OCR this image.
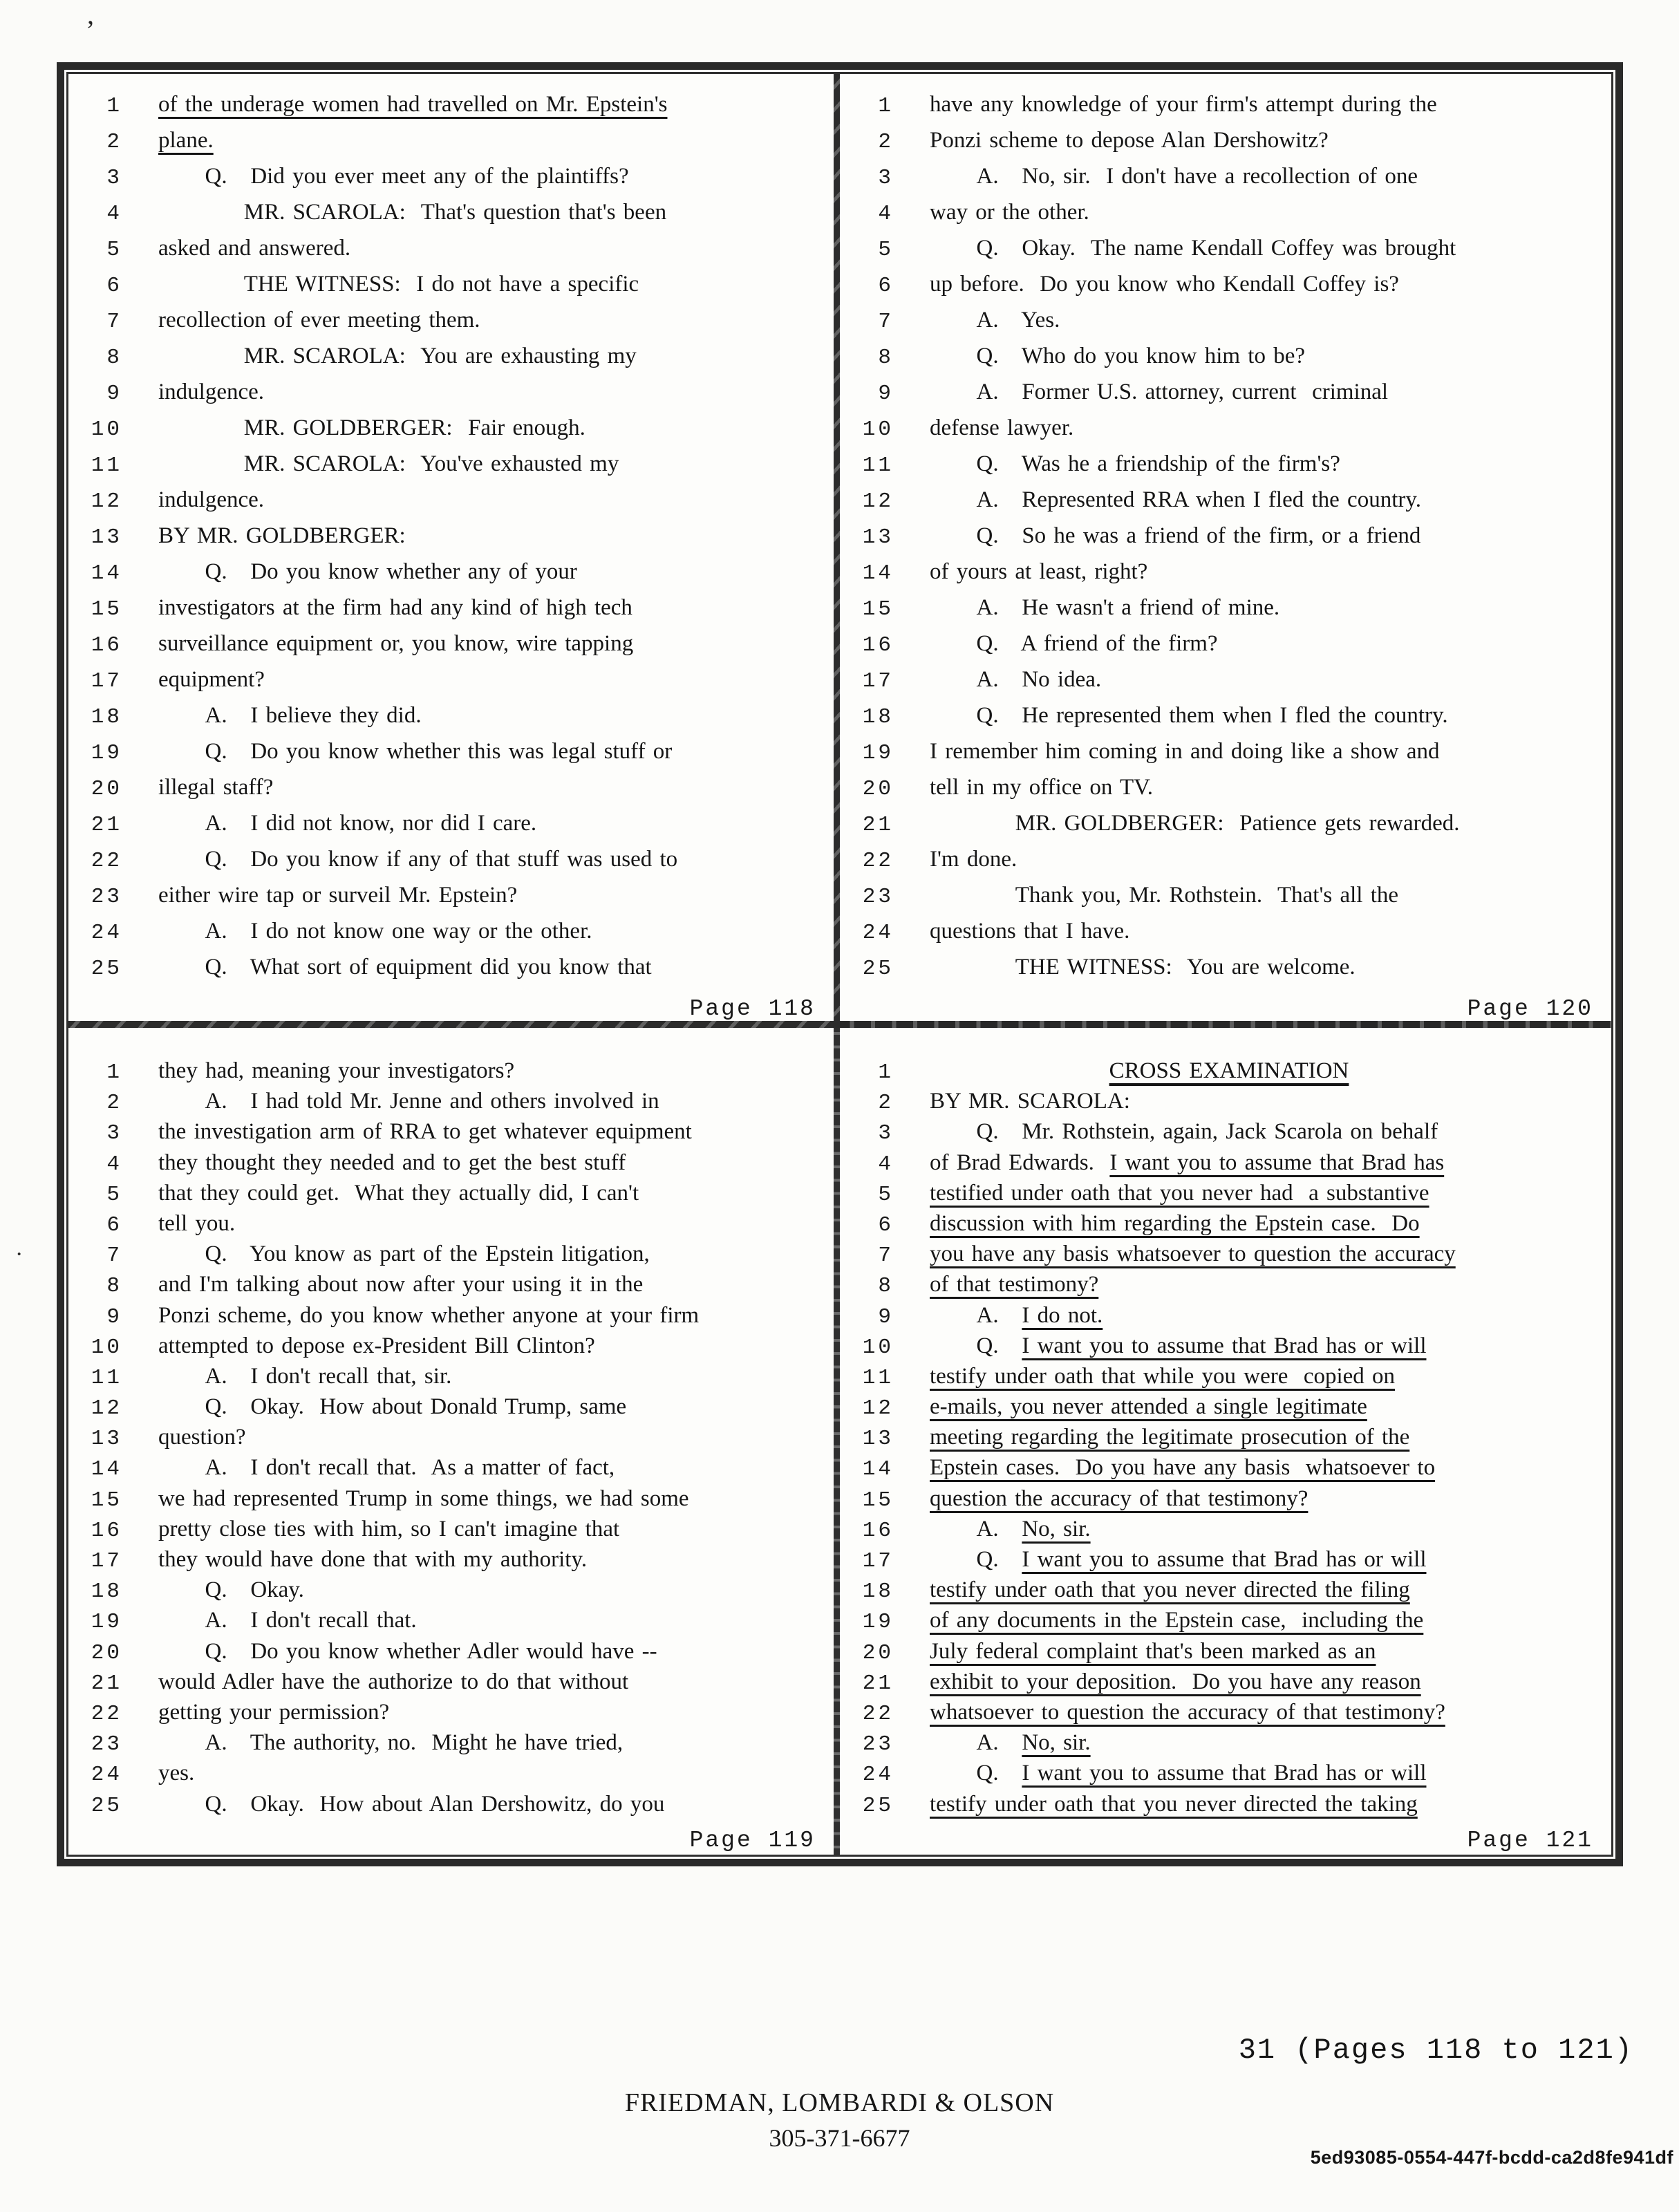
’
·
1	of the underage women had travelled on Mr. Epstein's
2	plane.
3	Q.   Did you ever meet any of the plaintiffs?
4	MR. SCAROLA:  That's question that's been
5	asked and answered.
6	THE WITNESS:  I do not have a specific
7	recollection of ever meeting them.
8	MR. SCAROLA:  You are exhausting my
9	indulgence.
10	MR. GOLDBERGER:  Fair enough.
11	MR. SCAROLA:  You've exhausted my
12	indulgence.
13	BY MR. GOLDBERGER:
14	Q.   Do you know whether any of your
15	investigators at the firm had any kind of high tech
16	surveillance equipment or, you know, wire tapping
17	equipment?
18	A.   I believe they did.
19	Q.   Do you know whether this was legal stuff or
20	illegal staff?
21	A.   I did not know, nor did I care.
22	Q.   Do you know if any of that stuff was used to
23	either wire tap or surveil Mr. Epstein?
24	A.   I do not know one way or the other.
25	Q.   What sort of equipment did you know that
Page 118
1	have any knowledge of your firm's attempt during the
2	Ponzi scheme to depose Alan Dershowitz?
3	A.   No, sir.  I don't have a recollection of one
4	way or the other.
5	Q.   Okay.  The name Kendall Coffey was brought
6	up before.  Do you know who Kendall Coffey is?
7	A.   Yes.
8	Q.   Who do you know him to be?
9	A.   Former U.S. attorney, current  criminal
10	defense lawyer.
11	Q.   Was he a friendship of the firm's?
12	A.   Represented RRA when I fled the country.
13	Q.   So he was a friend of the firm, or a friend
14	of yours at least, right?
15	A.   He wasn't a friend of mine.
16	Q.   A friend of the firm?
17	A.   No idea.
18	Q.   He represented them when I fled the country.
19	I remember him coming in and doing like a show and
20	tell in my office on TV.
21	MR. GOLDBERGER:  Patience gets rewarded.
22	I'm done.
23	Thank you, Mr. Rothstein.  That's all the
24	questions that I have.
25	THE WITNESS:  You are welcome.
Page 120
1	they had, meaning your investigators?
2	A.   I had told Mr. Jenne and others involved in
3	the investigation arm of RRA to get whatever equipment
4	they thought they needed and to get the best stuff
5	that they could get.  What they actually did, I can't
6	tell you.
7	Q.   You know as part of the Epstein litigation,
8	and I'm talking about now after your using it in the
9	Ponzi scheme, do you know whether anyone at your firm
10	attempted to depose ex-President Bill Clinton?
11	A.   I don't recall that, sir.
12	Q.   Okay.  How about Donald Trump, same
13	question?
14	A.   I don't recall that.  As a matter of fact,
15	we had represented Trump in some things, we had some
16	pretty close ties with him, so I can't imagine that
17	they would have done that with my authority.
18	Q.   Okay.
19	A.   I don't recall that.
20	Q.   Do you know whether Adler would have --
21	would Adler have the authorize to do that without
22	getting your permission?
23	A.   The authority, no.  Might he have tried,
24	yes.
25	Q.   Okay.  How about Alan Dershowitz, do you
Page 119
1	CROSS EXAMINATION
2	BY MR. SCAROLA:
3	Q.   Mr. Rothstein, again, Jack Scarola on behalf
4	of Brad Edwards.  I want you to assume that Brad has
5	testified under oath that you never had  a substantive
6	discussion with him regarding the Epstein case.  Do
7	you have any basis whatsoever to question the accuracy
8	of that testimony?
9	A.   I do not.
10	Q.   I want you to assume that Brad has or will
11	testify under oath that while you were  copied on
12	e-mails, you never attended a single legitimate
13	meeting regarding the legitimate prosecution of the
14	Epstein cases.  Do you have any basis  whatsoever to
15	question the accuracy of that testimony?
16	A.   No, sir.
17	Q.   I want you to assume that Brad has or will
18	testify under oath that you never directed the filing
19	of any documents in the Epstein case,  including the
20	July federal complaint that's been marked as an
21	exhibit to your deposition.  Do you have any reason
22	whatsoever to question the accuracy of that testimony?
23	A.   No, sir.
24	Q.   I want you to assume that Brad has or will
25	testify under oath that you never directed the taking
Page 121
31 (Pages 118 to 121)
FRIEDMAN, LOMBARDI & OLSON
305-371-6677
5ed93085-0554-447f-bcdd-ca2d8fe941df
